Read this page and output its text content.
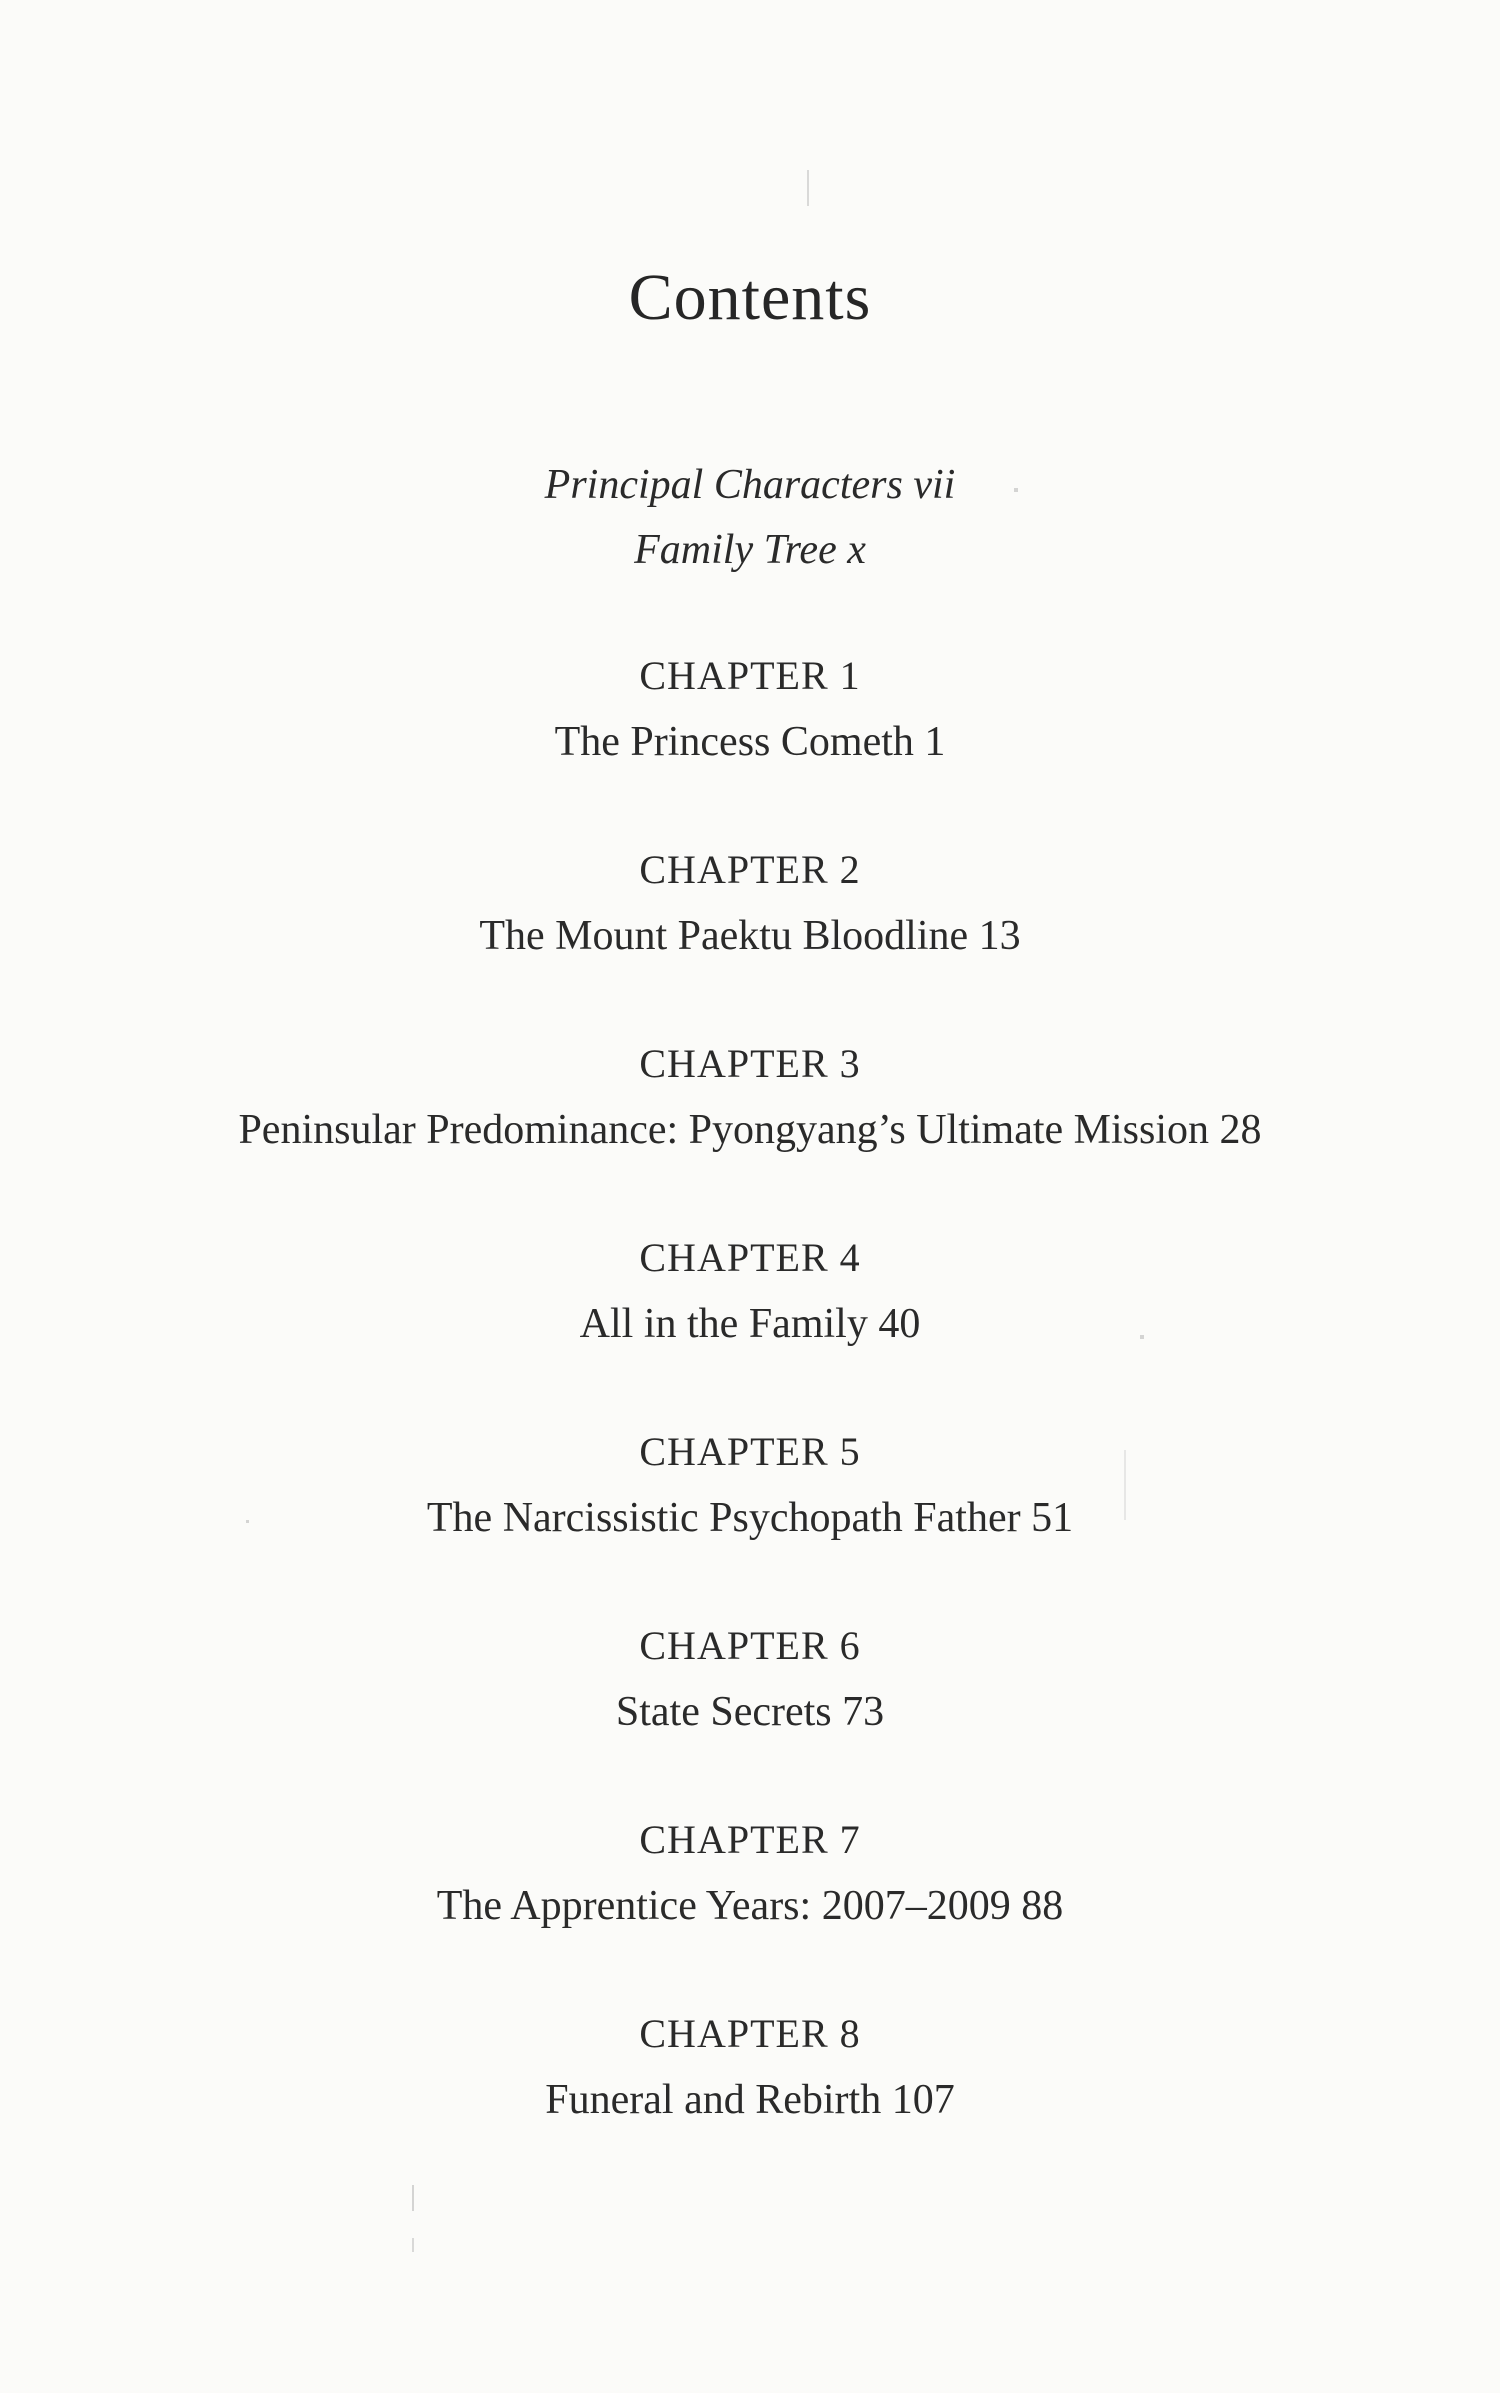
Contents
Principal Characters vii
Family Tree x
CHAPTER 1
The Princess Cometh 1
CHAPTER 2
The Mount Paektu Bloodline 13
CHAPTER 3
Peninsular Predominance: Pyongyang’s Ultimate Mission 28
CHAPTER 4
All in the Family 40
CHAPTER 5
The Narcissistic Psychopath Father 51
CHAPTER 6
State Secrets 73
CHAPTER 7
The Apprentice Years: 2007–2009 88
CHAPTER 8
Funeral and Rebirth 107
